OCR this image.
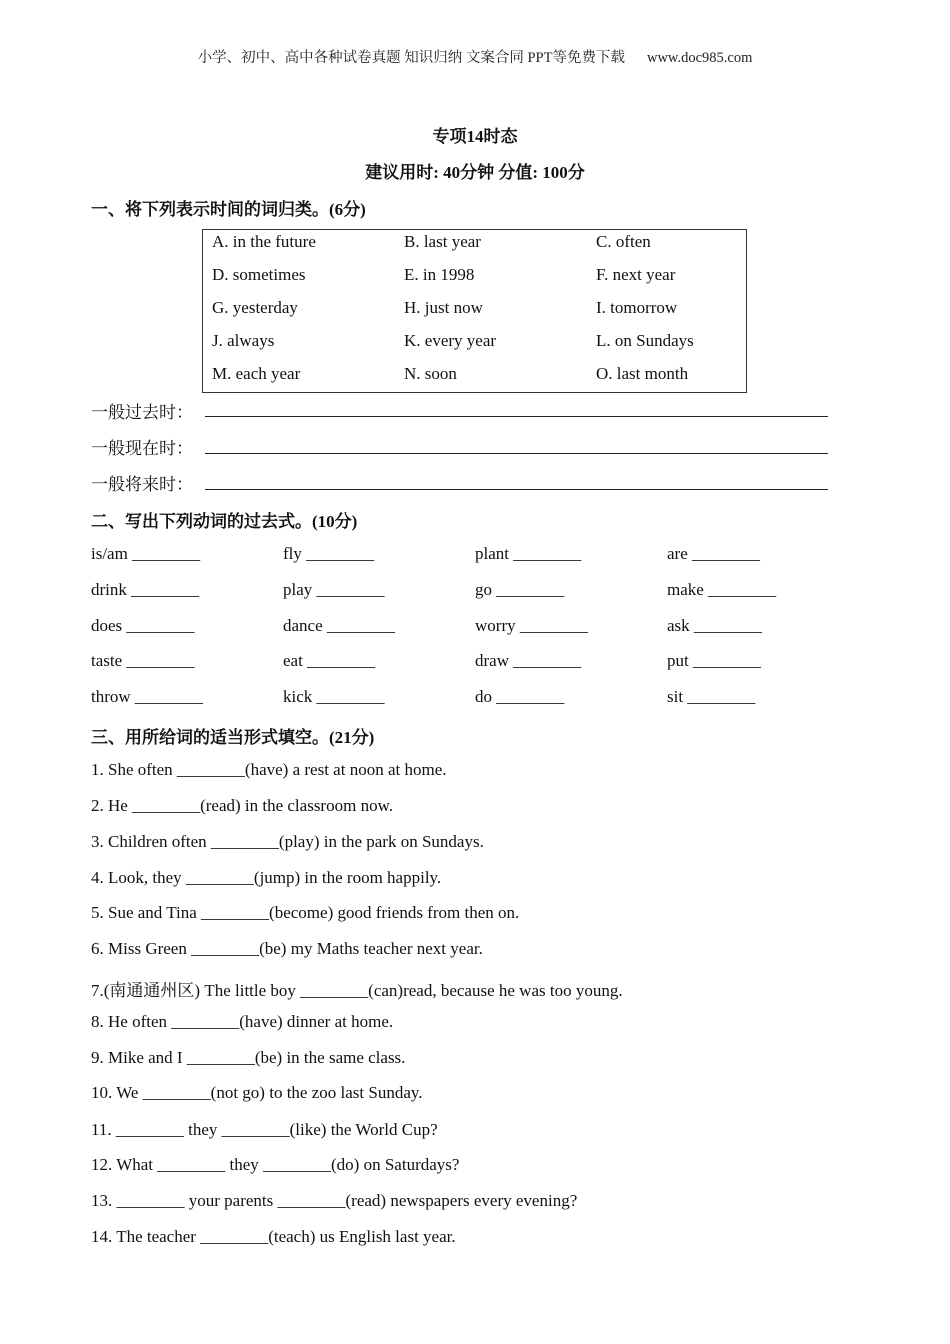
小学、初中、高中各种试卷真题 知识归纳 文案合同 PPT等免费下载 www.doc985.com
专项14时态
建议用时: 40分钟 分值: 100分
一、将下列表示时间的词归类。(6分)
A. in the future	B. last year	C. often
D. sometimes	E. in 1998	F. next year
G. yesterday	H. just now	I. tomorrow
J. always	K. every year	L. on Sundays
M. each year	N. soon	O. last month
一般过去时：
一般现在时：
一般将来时：
二、写出下列动词的过去式。(10分)
is/am ________	fly ________	plant ________	are ________
drink ________	play ________	go ________	make ________
does ________	dance ________	worry ________	ask ________
taste ________	eat ________	draw ________	put ________
throw ________	kick ________	do ________	sit ________
三、用所给词的适当形式填空。(21分)
1. She often ________(have) a rest at noon at home.
2. He ________(read) in the classroom now.
3. Children often ________(play) in the park on Sundays.
4. Look, they ________(jump) in the room happily.
5. Sue and Tina ________(become) good friends from then on.
6. Miss Green ________(be) my Maths teacher next year.
7.(南通通州区) The little boy ________(can)read, because he was too young.
8. He often ________(have) dinner at home.
9. Mike and I ________(be) in the same class.
10. We ________(not go) to the zoo last Sunday.
11. ________ they ________(like) the World Cup?
12. What ________ they ________(do) on Saturdays?
13. ________ your parents ________(read) newspapers every evening?
14. The teacher ________(teach) us English last year.
